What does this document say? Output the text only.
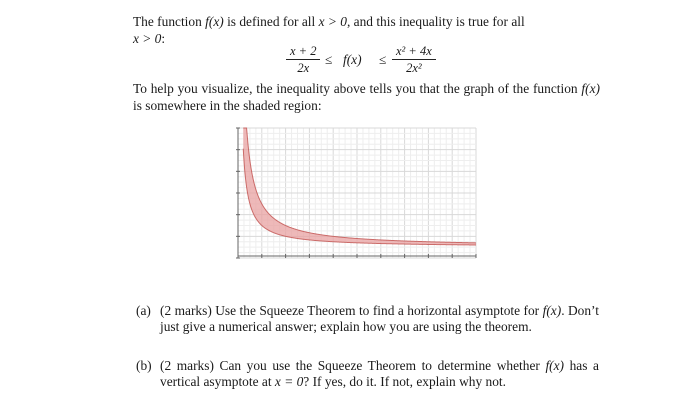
The function f(x) is defined for all x > 0, and this inequality is true for all
x > 0:
x + 2
2x
≤ f(x) ≤
x² + 4x
2x²
To help you visualize, the inequality above tells you that the graph of the function f(x) is somewhere in the shaded region:
(a) (2 marks) Use the Squeeze Theorem to find a horizontal asymptote for f(x). Don’t just give a numerical answer; explain how you are using the theorem.
(b) (2 marks) Can you use the Squeeze Theorem to determine whether f(x) has a vertical asymptote at x = 0? If yes, do it. If not, explain why not.
